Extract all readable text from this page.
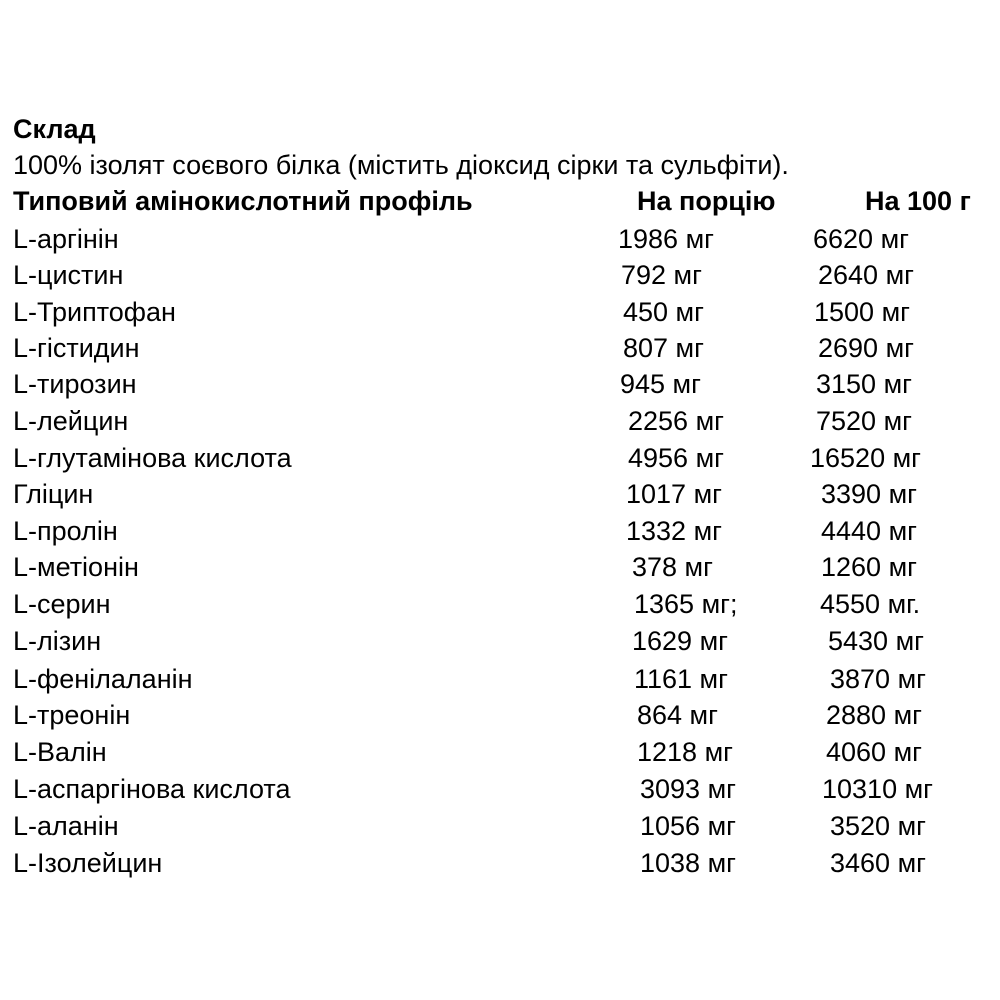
Склад
100% ізолят соєвого білка (містить діоксид сірки та сульфіти).
Типовий амінокислотний профіль	На порцію	На 100 г
L-аргінін	1986 мг	6620 мг
L-цистин	792 мг	2640 мг
L-Триптофан	450 мг	1500 мг
L-гістидин	807 мг	2690 мг
L-тирозин	945 мг	3150 мг
L-лейцин	2256 мг	7520 мг
L-глутамінова кислота	4956 мг	16520 мг
Гліцин	1017 мг	3390 мг
L-пролін	1332 мг	4440 мг
L-метіонін	378 мг	1260 мг
L-серин	1365 мг;	4550 мг.
L-лізин	1629 мг	5430 мг
L-фенілаланін	1161 мг	3870 мг
L-треонін	864 мг	2880 мг
L-Валін	1218 мг	4060 мг
L-аспаргінова кислота	3093 мг	10310 мг
L-аланін	1056 мг	3520 мг
L-Ізолейцин	1038 мг	3460 мг
